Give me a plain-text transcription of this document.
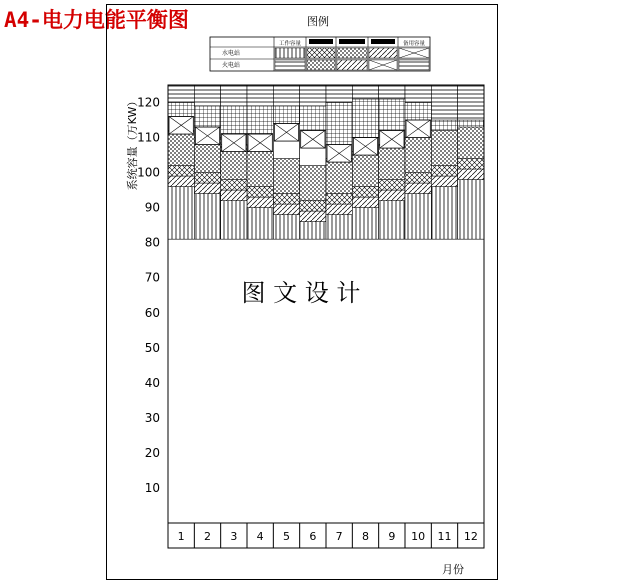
A4-电力电能平衡图	图例
工作容量	备用容量
水电站
火电站
10
20
30
40
50
60
70
80
90
100
110
120
1 2 3 4 5 6 7 8 9 10 11 12
图 文 设 计
月份
系统容量（万KW）
